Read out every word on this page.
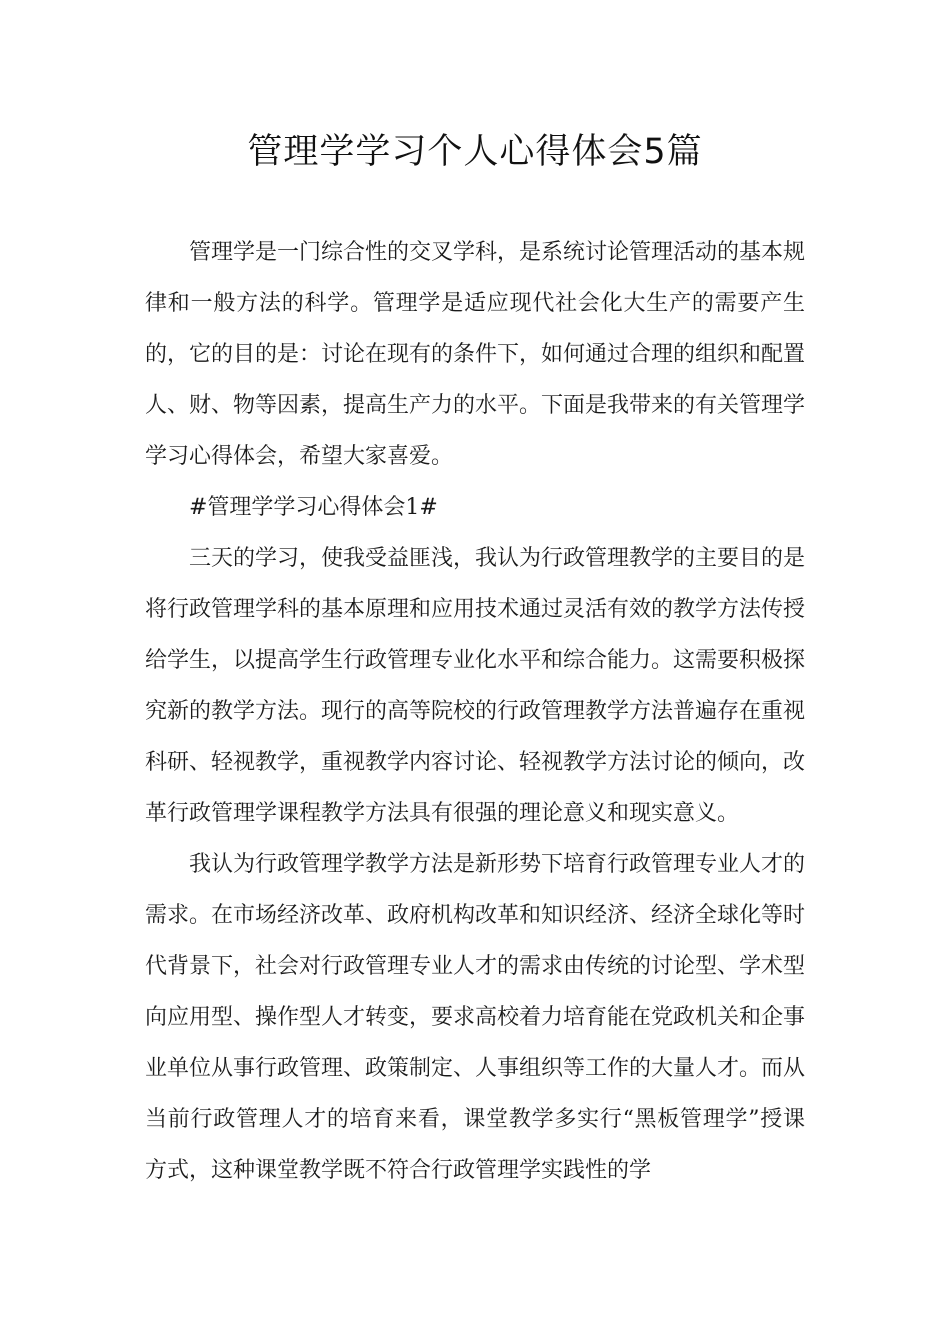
管理学学习个人心得体会5篇

管理学是一门综合性的交叉学科，是系统讨论管理活动的基本规律和一般方法的科学。管理学是适应现代社会化大生产的需要产生的，它的目的是：讨论在现有的条件下，如何通过合理的组织和配置人、财、物等因素，提高生产力的水平。下面是我带来的有关管理学学习心得体会，希望大家喜爱。

#管理学学习心得体会1#

三天的学习，使我受益匪浅，我认为行政管理教学的主要目的是将行政管理学科的基本原理和应用技术通过灵活有效的教学方法传授给学生，以提高学生行政管理专业化水平和综合能力。这需要积极探究新的教学方法。现行的高等院校的行政管理教学方法普遍存在重视科研、轻视教学，重视教学内容讨论、轻视教学方法讨论的倾向，改革行政管理学课程教学方法具有很强的理论意义和现实意义。

我认为行政管理学教学方法是新形势下培育行政管理专业人才的需求。在市场经济改革、政府机构改革和知识经济、经济全球化等时代背景下，社会对行政管理专业人才的需求由传统的讨论型、学术型向应用型、操作型人才转变，要求高校着力培育能在党政机关和企事业单位从事行政管理、政策制定、人事组织等工作的大量人才。而从当前行政管理人才的培育来看，课堂教学多实行“黑板管理学”授课方式，这种课堂教学既不符合行政管理学实践性的学
